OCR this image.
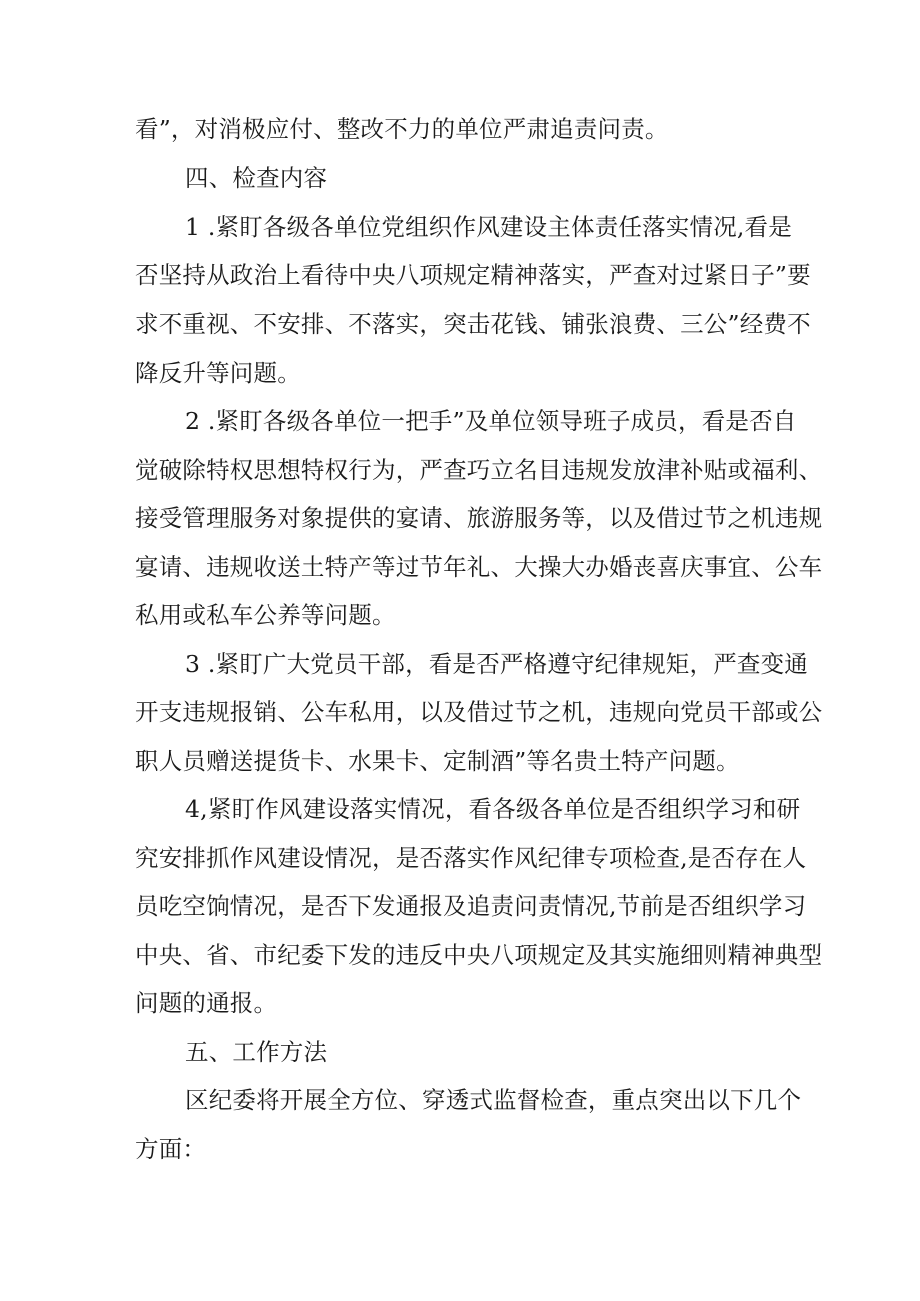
看”，对消极应付、整改不力的单位严肃追责问责。
四、检查内容
1 .紧盯各级各单位党组织作风建设主体责任落实情况,看是
否坚持从政治上看待中央八项规定精神落实，严查对过紧日子”要
求不重视、不安排、不落实，突击花钱、铺张浪费、三公”经费不
降反升等问题。
2 .紧盯各级各单位一把手”及单位领导班子成员，看是否自
觉破除特权思想特权行为，严查巧立名目违规发放津补贴或福利、
接受管理服务对象提供的宴请、旅游服务等，以及借过节之机违规
宴请、违规收送土特产等过节年礼、大操大办婚丧喜庆事宜、公车
私用或私车公养等问题。
3 .紧盯广大党员干部，看是否严格遵守纪律规矩，严查变通
开支违规报销、公车私用，以及借过节之机，违规向党员干部或公
职人员赠送提货卡、水果卡、定制酒”等名贵土特产问题。
4,紧盯作风建设落实情况，看各级各单位是否组织学习和研
究安排抓作风建设情况，是否落实作风纪律专项检查,是否存在人
员吃空饷情况，是否下发通报及追责问责情况,节前是否组织学习
中央、省、市纪委下发的违反中央八项规定及其实施细则精神典型
问题的通报。
五、工作方法
区纪委将开展全方位、穿透式监督检查，重点突出以下几个
方面：
